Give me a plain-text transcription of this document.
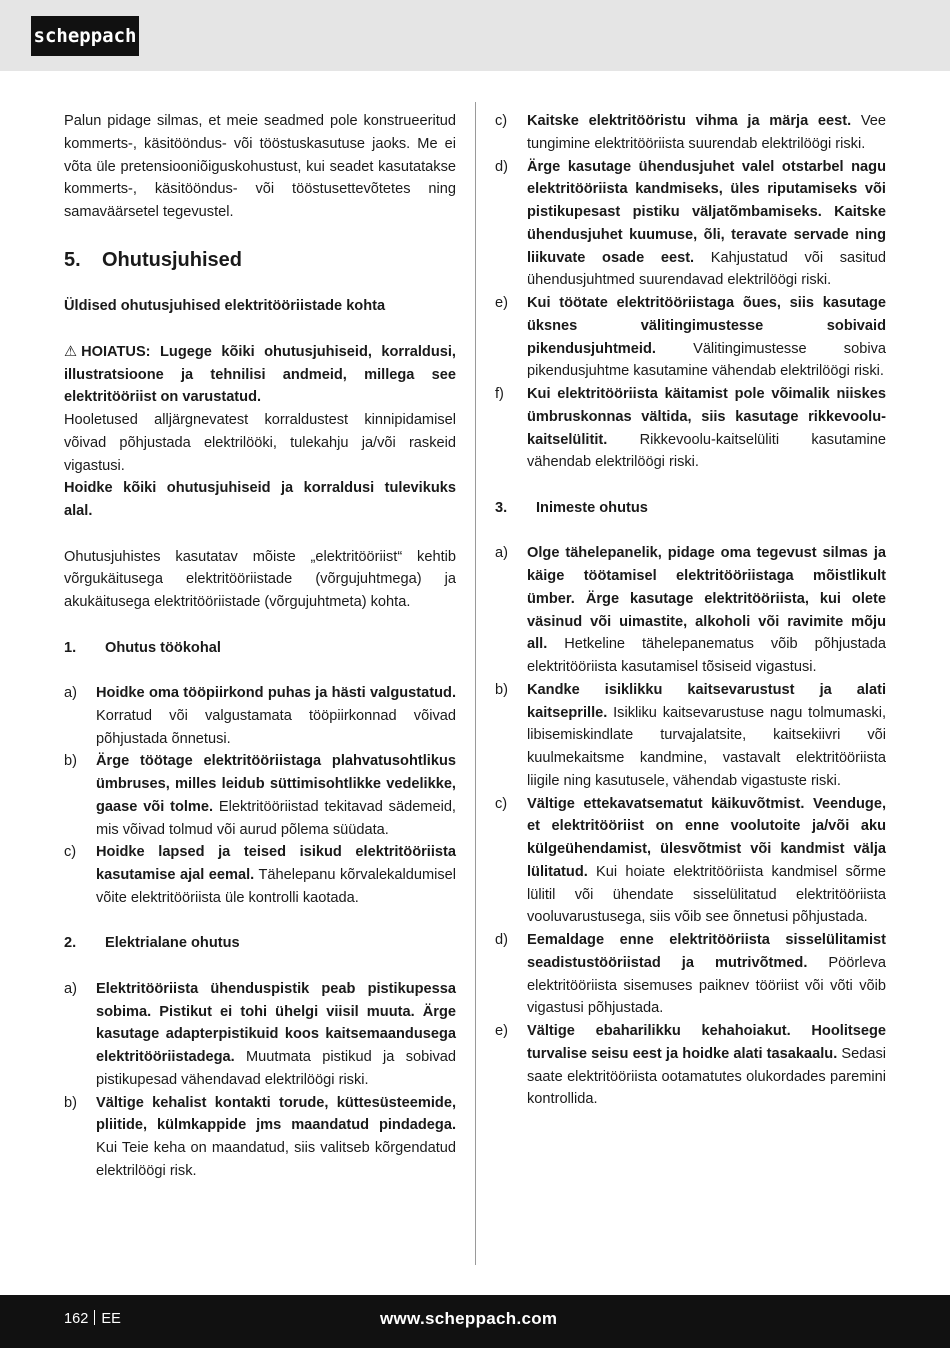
scheppach

Palun pidage silmas, et meie seadmed pole konstrueeritud kommerts-, käsitööndus- või tööstuskasutuse jaoks. Me ei võta üle pretensiooniõiguskohustust, kui seadet kasutatakse kommerts-, käsitööndus- või tööstusettevõtetes ning samaväärsetel tegevustel.

5.	Ohutusjuhised

Üldised ohutusjuhised elektritööriistade kohta

⚠ HOIATUS: Lugege kõiki ohutusjuhiseid, korraldusi, illustratsioone ja tehnilisi andmeid, millega see elektritööriist on varustatud.

Hooletused alljärgnevatest korraldustest kinnipidamisel võivad põhjustada elektrilööki, tulekahju ja/või raskeid vigastusi.

Hoidke kõiki ohutusjuhiseid ja korraldusi tulevikuks alal.

Ohutusjuhistes kasutatav mõiste „elektritööriist“ kehtib võrgukäitusega elektritööriistade (võrgujuhtmega) ja akukäitusega elektritööriistade (võrgujuhtmeta) kohta.

1.	Ohutus töökohal
a)	Hoidke oma tööpiirkond puhas ja hästi valgustatud. Korratud või valgustamata tööpiirkonnad võivad põhjustada õnnetusi.
b)	Ärge töötage elektritööriistaga plahvatusohtlikus ümbruses, milles leidub süttimisohtlikke vedelikke, gaase või tolme. Elektritööriistad tekitavad sädemeid, mis võivad tolmud või aurud põlema süüdata.
c)	Hoidke lapsed ja teised isikud elektritööriista kasutamise ajal eemal. Tähelepanu kõrvalekaldumisel võite elektritööriista üle kontrolli kaotada.
2.	Elektrialane ohutus
a)	Elektritööriista ühenduspistik peab pistikupessa sobima. Pistikut ei tohi ühelgi viisil muuta. Ärge kasutage adapterpistikuid koos kaitsemaandusega elektritööriistadega. Muutmata pistikud ja sobivad pistikupesad vähendavad elektrilöögi riski.
b)	Vältige kehalist kontakti torude, küttesüsteemide, pliitide, külmkappide jms maandatud pindadega. Kui Teie keha on maandatud, siis valitseb kõrgendatud elektrilöögi risk.
c)	Kaitske elektritööristu vihma ja märja eest. Vee tungimine elektritööriista suurendab elektrilöögi riski.
d)	Ärge kasutage ühendusjuhet valel otstarbel nagu elektritööriista kandmiseks, üles riputamiseks või pistikupesast pistiku väljatõmbamiseks. Kaitske ühendusjuhet kuumuse, õli, teravate servade ning liikuvate osade eest. Kahjustatud või sasitud ühendusjuhtmed suurendavad elektrilöögi riski.
e)	Kui töötate elektritööriistaga õues, siis kasutage üksnes välitingimustesse sobivaid pikendusjuhtmeid. Välitingimustesse sobiva pikendusjuhtme kasutamine vähendab elektrilöögi riski.
f)	Kui elektritööriista käitamist pole võimalik niiskes ümbruskonnas vältida, siis kasutage rikkevoolu-kaitselülitit. Rikkevoolu-kaitselüliti kasutamine vähendab elektrilöögi riski.
3.	Inimeste ohutus
a)	Olge tähelepanelik, pidage oma tegevust silmas ja käige töötamisel elektritööriistaga mõistlikult ümber. Ärge kasutage elektritööriista, kui olete väsinud või uimastite, alkoholi või ravimite mõju all. Hetkeline tähelepanematus võib põhjustada elektritööriista kasutamisel tõsiseid vigastusi.
b)	Kandke isiklikku kaitsevarustust ja alati kaitseprille. Isikliku kaitsevarustuse nagu tolmumaski, libisemiskindlate turvajalatsite, kaitsekiivri või kuulmekaitsme kandmine, vastavalt elektritööriista liigile ning kasutusele, vähendab vigastuste riski.
c)	Vältige ettekavatsematut käikuvõtmist. Veenduge, et elektritööriist on enne voolutoite ja/või aku külgeühendamist, ülesvõtmist või kandmist välja lülitatud. Kui hoiate elektritööriista kandmisel sõrme lülitil või ühendate sisselülitatud elektritööriista vooluvarustusega, siis võib see õnnetusi põhjustada.
d)	Eemaldage enne elektritööriista sisselülitamist seadistustööriistad ja mutrivõtmed. Pöörleva elektritööriista sisemuses paiknev tööriist või võti võib vigastusi põhjustada.
e)	Vältige ebaharilikku kehahoiakut. Hoolitsege turvalise seisu eest ja hoidke alati tasakaalu. Sedasi saate elektritööriista ootamatutes olukordades paremini kontrollida.
162 EE	www.scheppach.com
